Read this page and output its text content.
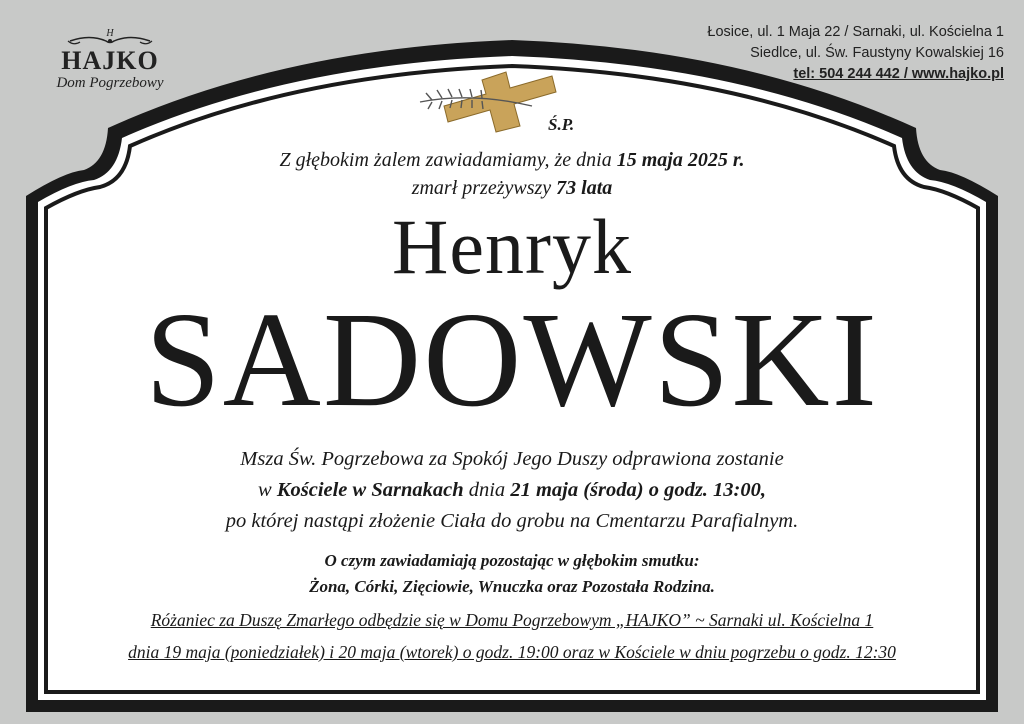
H
HAJKO
Dom Pogrzebowy
Łosice, ul. 1 Maja 22 / Sarnaki, ul. Kościelna 1
Siedlce, ul. Św. Faustyny Kowalskiej 16
tel: 504 244 442 / www.hajko.pl
Ś.P.
Z głębokim żalem zawiadamiamy, że dnia 15 maja 2025 r.
zmarł przeżywszy 73 lata
Henryk
SADOWSKI
Msza Św. Pogrzebowa za Spokój Jego Duszy odprawiona zostanie
w Kościele w Sarnakach dnia 21 maja (środa) o godz. 13:00,
po której nastąpi złożenie Ciała do grobu na Cmentarzu Parafialnym.
O czym zawiadamiają pozostając w głębokim smutku:
Żona, Córki, Zięciowie, Wnuczka oraz Pozostała Rodzina.
Różaniec za Duszę Zmarłego odbędzie się w Domu Pogrzebowym „HAJKO” ~ Sarnaki ul. Kościelna 1
dnia 19 maja (poniedziałek) i 20 maja (wtorek) o godz. 19:00 oraz w Kościele w dniu pogrzebu o godz. 12:30
